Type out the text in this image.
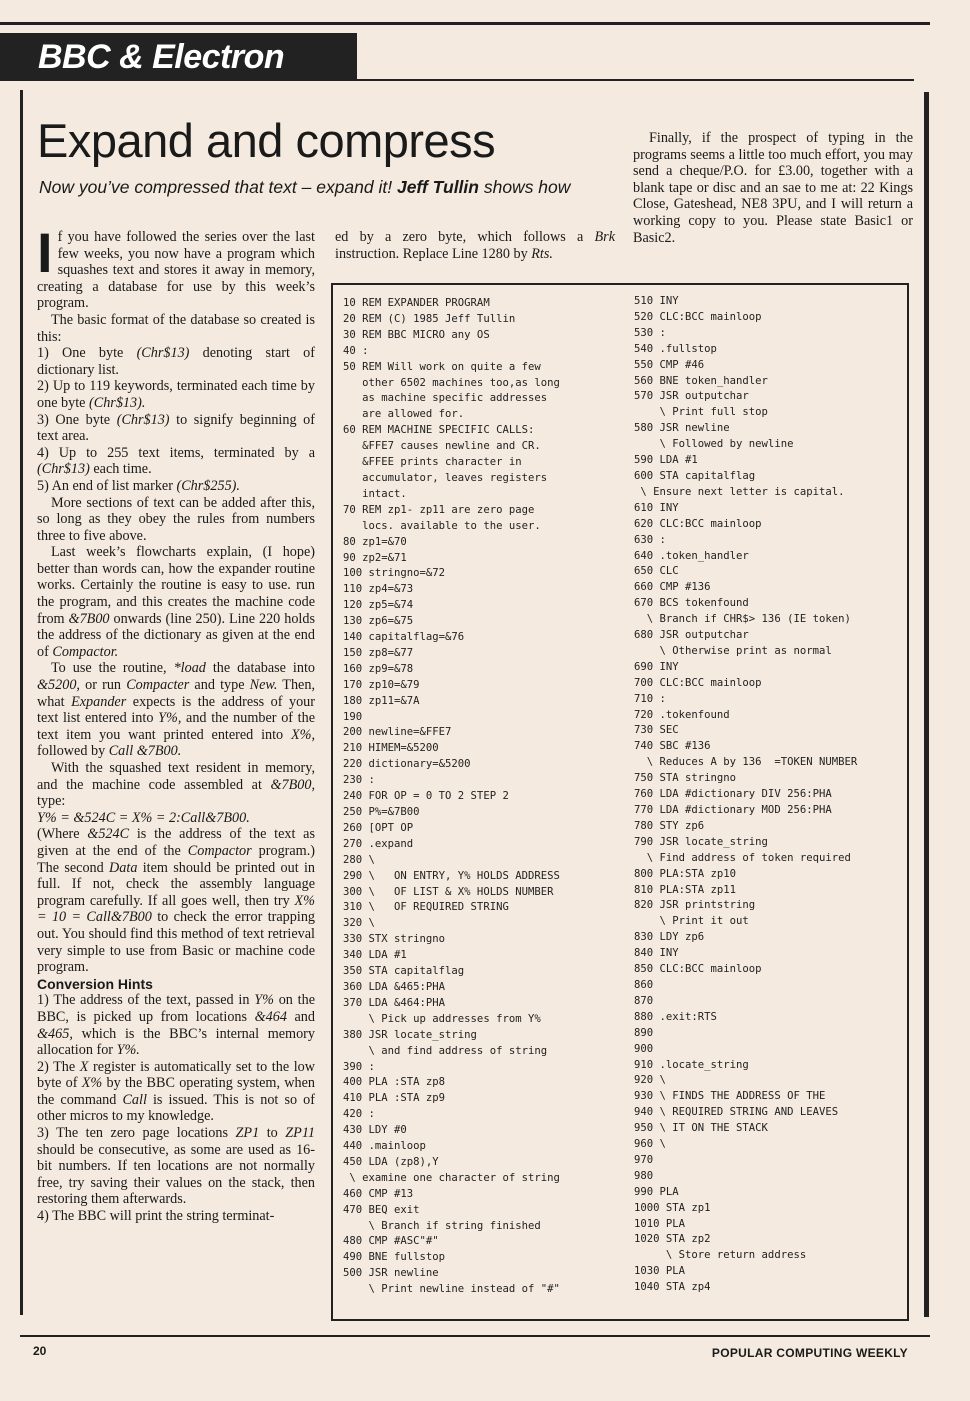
BBC & Electron
Expand and compress
Now you’ve compressed that text – expand it! Jeff Tullin shows how

If you have followed the series over the last few weeks, you now have a program which squashes text and stores it away in memory, creating a database for use by this week’s program.

The basic format of the database so created is this:

1) One byte (Chr$13) denoting start of dictionary list.

2) Up to 119 keywords, terminated each time by one byte (Chr$13).

3) One byte (Chr$13) to signify beginning of text area.

4) Up to 255 text items, terminated by a (Chr$13) each time.

5) An end of list marker (Chr$255).

More sections of text can be added after this, so long as they obey the rules from numbers three to five above.

Last week’s flowcharts explain, (I hope) better than words can, how the expander routine works. Certainly the routine is easy to use. run the program, and this creates the machine code from &7B00 onwards (line 250). Line 220 holds the address of the dictionary as given at the end of Compactor.

To use the routine, *load the database into &5200, or run Compacter and type New. Then, what Expander expects is the address of your text list entered into Y%, and the number of the text item you want printed entered into X%, followed by Call &7B00.

With the squashed text resident in memory, and the machine code assembled at &7B00, type:

Y% = &524C = X% = 2:Call&7B00.

(Where &524C is the address of the text as given at the end of the Compactor program.) The second Data item should be printed out in full. If not, check the assembly language program carefully. If all goes well, then try X% = 10 = Call&7B00 to check the error trapping out. You should find this method of text retrieval very simple to use from Basic or machine code program.

Conversion Hints

1) The address of the text, passed in Y% on the BBC, is picked up from locations &464 and &465, which is the BBC’s internal memory allocation for Y%.

2) The X register is automatically set to the low byte of X% by the BBC operating system, when the command Call is issued. This is not so of other micros to my knowledge.

3) The ten zero page locations ZP1 to ZP11 should be consecutive, as some are used as 16-bit numbers. If ten locations are not normally free, try saving their values on the stack, then restoring them afterwards.

4) The BBC will print the string terminat-

ed by a zero byte, which follows a Brk instruction. Replace Line 1280 by Rts.

Finally, if the prospect of typing in the programs seems a little too much effort, you may send a cheque/P.O. for £3.00, together with a blank tape or disc and an sae to me at: 22 Kings Close, Gateshead, NE8 3PU, and I will return a working copy to you. Please state Basic1 or Basic2.

10 REM EXPANDER PROGRAM
20 REM (C) 1985 Jeff Tullin
30 REM BBC MICRO any OS
40 :
50 REM Will work on quite a few
other 6502 machines too,as long
as machine specific addresses
are allowed for.
60 REM MACHINE SPECIFIC CALLS:
&FFE7 causes newline and CR.
&FFEE prints character in
accumulator, leaves registers
intact.
70 REM zp1- zp11 are zero page
locs. available to the user.
80 zp1=&70
90 zp2=&71
100 stringno=&72
110 zp4=&73
120 zp5=&74
130 zp6=&75
140 capitalflag=&76
150 zp8=&77
160 zp9=&78
170 zp10=&79
180 zp11=&7A
190
200 newline=&FFE7
210 HIMEM=&5200
220 dictionary=&5200
230 :
240 FOR OP = 0 TO 2 STEP 2
250 P%=&7B00
260 [OPT OP
270 .expand
280 \
290 \   ON ENTRY, Y% HOLDS ADDRESS
300 \   OF LIST & X% HOLDS NUMBER
310 \   OF REQUIRED STRING
320 \
330 STX stringno
340 LDA #1
350 STA capitalflag
360 LDA &465:PHA
370 LDA &464:PHA
\ Pick up addresses from Y%
380 JSR locate_string
\ and find address of string
390 :
400 PLA :STA zp8
410 PLA :STA zp9
420 :
430 LDY #0
440 .mainloop
450 LDA (zp8),Y
\ examine one character of string
460 CMP #13
470 BEQ exit
\ Branch if string finished
480 CMP #ASC"#"
490 BNE fullstop
500 JSR newline
\ Print newline instead of "#"
510 INY
520 CLC:BCC mainloop
530 :
540 .fullstop
550 CMP #46
560 BNE token_handler
570 JSR outputchar
\ Print full stop
580 JSR newline
\ Followed by newline
590 LDA #1
600 STA capitalflag
\ Ensure next letter is capital.
610 INY
620 CLC:BCC mainloop
630 :
640 .token_handler
650 CLC
660 CMP #136
670 BCS tokenfound
\ Branch if CHR$> 136 (IE token)
680 JSR outputchar
\ Otherwise print as normal
690 INY
700 CLC:BCC mainloop
710 :
720 .tokenfound
730 SEC
740 SBC #136
\ Reduces A by 136  =TOKEN NUMBER
750 STA stringno
760 LDA #dictionary DIV 256:PHA
770 LDA #dictionary MOD 256:PHA
780 STY zp6
790 JSR locate_string
\ Find address of token required
800 PLA:STA zp10
810 PLA:STA zp11
820 JSR printstring
\ Print it out
830 LDY zp6
840 INY
850 CLC:BCC mainloop
860
870
880 .exit:RTS
890
900
910 .locate_string
920 \
930 \ FINDS THE ADDRESS OF THE
940 \ REQUIRED STRING AND LEAVES
950 \ IT ON THE STACK
960 \
970
980
990 PLA
1000 STA zp1
1010 PLA
1020 STA zp2
\ Store return address
1030 PLA
1040 STA zp4
20	POPULAR COMPUTING WEEKLY
